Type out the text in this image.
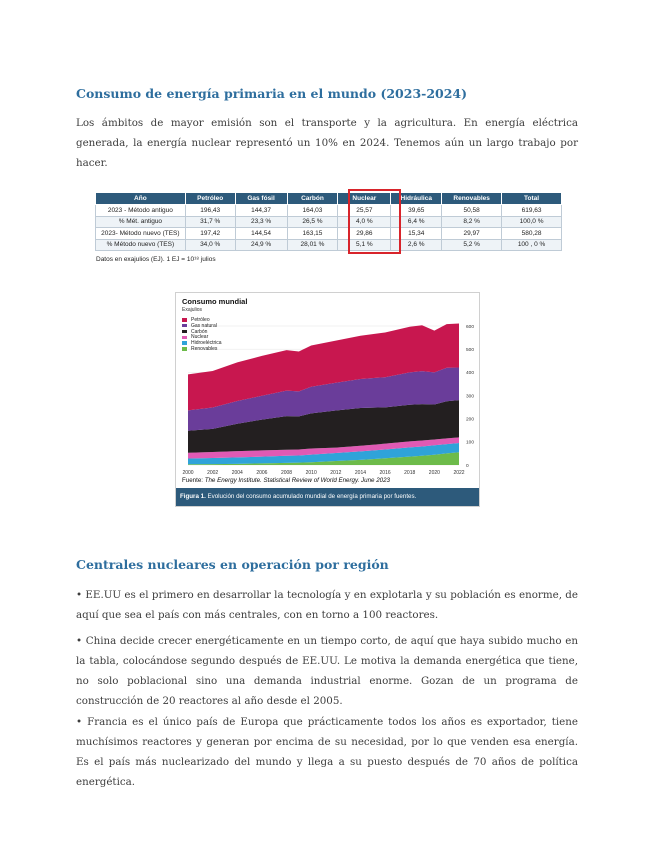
Consumo de energía primaria en el mundo (2023-2024)

Los ámbitos de mayor emisión son el transporte y la agricultura. En energía eléctrica generada, la energía nuclear representó un 10% en 2024. Tenemos aún un largo trabajo por hacer.

Año	Petróleo	Gas fósil	Carbón	Nuclear	Hidráulica	Renovables	Total
2023 - Método antiguo	196,43	144,37	164,03	25,57	39,65	50,58	619,63
% Mét. antiguo	31,7 %	23,3 %	26,5 %	4,0 %	6,4 %	8,2 %	100,0 %
2023- Método nuevo (TES)	197,42	144,54	163,15	29,86	15,34	29,97	580,28
% Método nuevo (TES)	34,0 %	24,9 %	28,01 %	5,1 %	2,6 %	5,2 %	100 , 0 %
Datos en exajulios (EJ). 1 EJ = 10¹⁸ julios
Consumo mundial
Exajulios
0
100
200
300
400
500
600
2000	2002	2004	2006	2008	2010	2012	2014	2016	2018	2020	2022
Petróleo
Gas natural
Carbón
Nuclear
Hidroeléctrica
Renovables
Fuente: The Energy Institute. Statistical Review of World Energy. June 2023
Figura 1. Evolución del consumo acumulado mundial de energía primaria por fuentes.
Centrales nucleares en operación por región

• EE.UU es el primero en desarrollar la tecnología y en explotarla y su población es enorme, de aquí que sea el país con más centrales, con en torno a 100 reactores.

• China decide crecer energéticamente en un tiempo corto, de aquí que haya subido mucho en la tabla, colocándose segundo después de EE.UU. Le motiva la demanda energética que tiene, no solo poblacional sino una demanda industrial enorme. Gozan de un programa de construcción de 20 reactores al año desde el 2005.

• Francia es el único país de Europa que prácticamente todos los años es exportador, tiene muchísimos reactores y generan por encima de su necesidad, por lo que venden esa energía. Es el país más nuclearizado del mundo y llega a su puesto después de 70 años de política energética.
